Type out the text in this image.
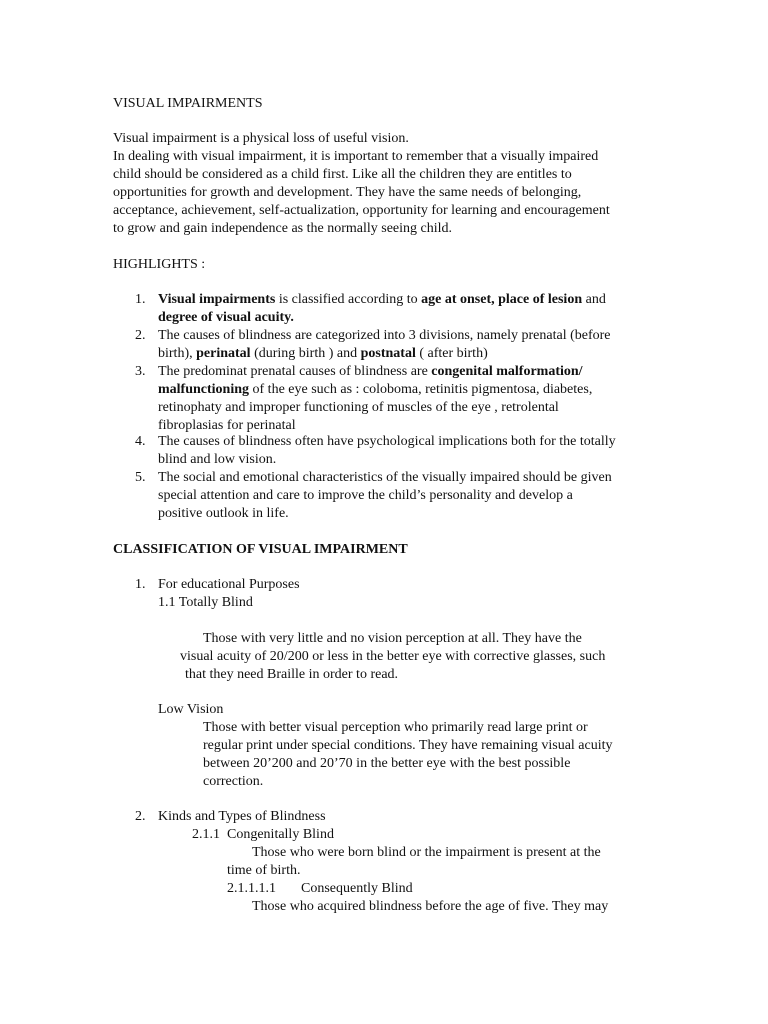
VISUAL IMPAIRMENTS
Visual impairment is a physical loss of useful vision.
In dealing with visual impairment, it is important to remember that a visually impaired
child should be considered as a child first. Like all the children they are entitles to
opportunities for growth and development. They have the same needs of belonging,
acceptance, achievement, self-actualization, opportunity for learning and encouragement
to grow and gain independence as the normally seeing child.
HIGHLIGHTS :
1. Visual impairments is classified according to age at onset, place of lesion and
degree of visual acuity.
2. The causes of blindness are categorized into 3 divisions, namely prenatal (before
birth), perinatal (during birth ) and postnatal ( after birth)
3. The predominat prenatal causes of blindness are congenital malformation/
malfunctioning of the eye such as : coloboma, retinitis pigmentosa, diabetes,
retinophaty and improper functioning of muscles of the eye , retrolental
fibroplasias for perinatal
4. The causes of blindness often have psychological implications both for the totally
blind and low vision.
5. The social and emotional characteristics of the visually impaired should be given
special attention and care to improve the child’s personality and develop a
positive outlook in life.
CLASSIFICATION OF VISUAL IMPAIRMENT
1. For educational Purposes
1.1 Totally Blind
Those with very little and no vision perception at all. They have the
visual acuity of 20/200 or less in the better eye with corrective glasses, such
that they need Braille in order to read.
Low Vision
Those with better visual perception who primarily read large print or
regular print under special conditions. They have remaining visual acuity
between 20’200 and 20’70 in the better eye with the best possible
correction.
2. Kinds and Types of Blindness
2.1.1 Congenitally Blind
Those who were born blind or the impairment is present at the
time of birth.
2.1.1.1.1 Consequently Blind
Those who acquired blindness before the age of five. They may
